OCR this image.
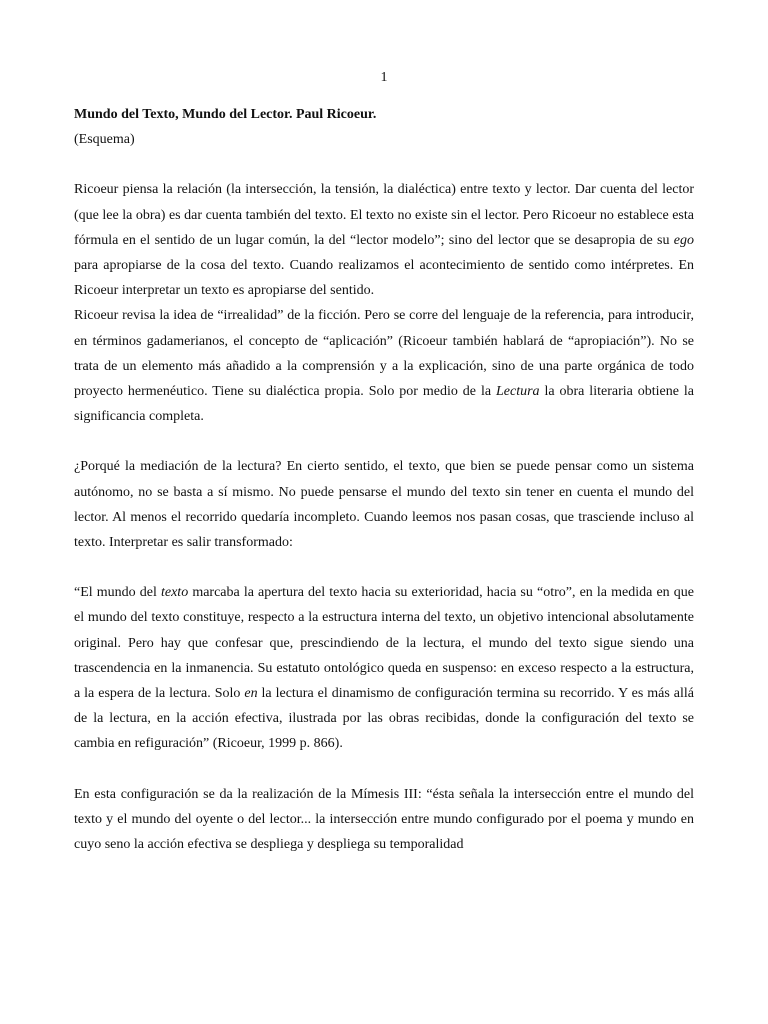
1

Mundo del Texto, Mundo del Lector. Paul Ricoeur.

(Esquema)

Ricoeur piensa la relación (la intersección, la tensión, la dialéctica) entre texto y lector. Dar cuenta del lector (que lee la obra) es dar cuenta también del texto. El texto no existe sin el lector. Pero Ricoeur no establece esta fórmula en el sentido de un lugar común, la del “lector modelo”; sino del lector que se desapropia de su ego para apropiarse de la cosa del texto. Cuando realizamos el acontecimiento de sentido como intérpretes. En Ricoeur interpretar un texto es apropiarse del sentido.

Ricoeur revisa la idea de “irrealidad” de la ficción. Pero se corre del lenguaje de la referencia, para introducir, en términos gadamerianos, el concepto de “aplicación” (Ricoeur también hablará de “apropiación”). No se trata de un elemento más añadido a la comprensión y a la explicación, sino de una parte orgánica de todo proyecto hermenéutico. Tiene su dialéctica propia. Solo por medio de la Lectura la obra literaria obtiene la significancia completa.

¿Porqué la mediación de la lectura? En cierto sentido, el texto, que bien se puede pensar como un sistema autónomo, no se basta a sí mismo. No puede pensarse el mundo del texto sin tener en cuenta el mundo del lector. Al menos el recorrido quedaría incompleto. Cuando leemos nos pasan cosas, que trasciende incluso al texto. Interpretar es salir transformado:

“El mundo del texto marcaba la apertura del texto hacia su exterioridad, hacia su “otro”, en la medida en que el mundo del texto constituye, respecto a la estructura interna del texto, un objetivo intencional absolutamente original. Pero hay que confesar que, prescindiendo de la lectura, el mundo del texto sigue siendo una trascendencia en la inmanencia. Su estatuto ontológico queda en suspenso: en exceso respecto a la estructura, a la espera de la lectura. Solo en la lectura el dinamismo de configuración termina su recorrido. Y es más allá de la lectura, en la acción efectiva, ilustrada por las obras recibidas, donde la configuración del texto se cambia en refiguración” (Ricoeur, 1999 p. 866).

En esta configuración se da la realización de la Mímesis III: “ésta señala la intersección entre el mundo del texto y el mundo del oyente o del lector... la intersección entre mundo configurado por el poema y mundo en cuyo seno la acción efectiva se despliega y despliega su temporalidad
